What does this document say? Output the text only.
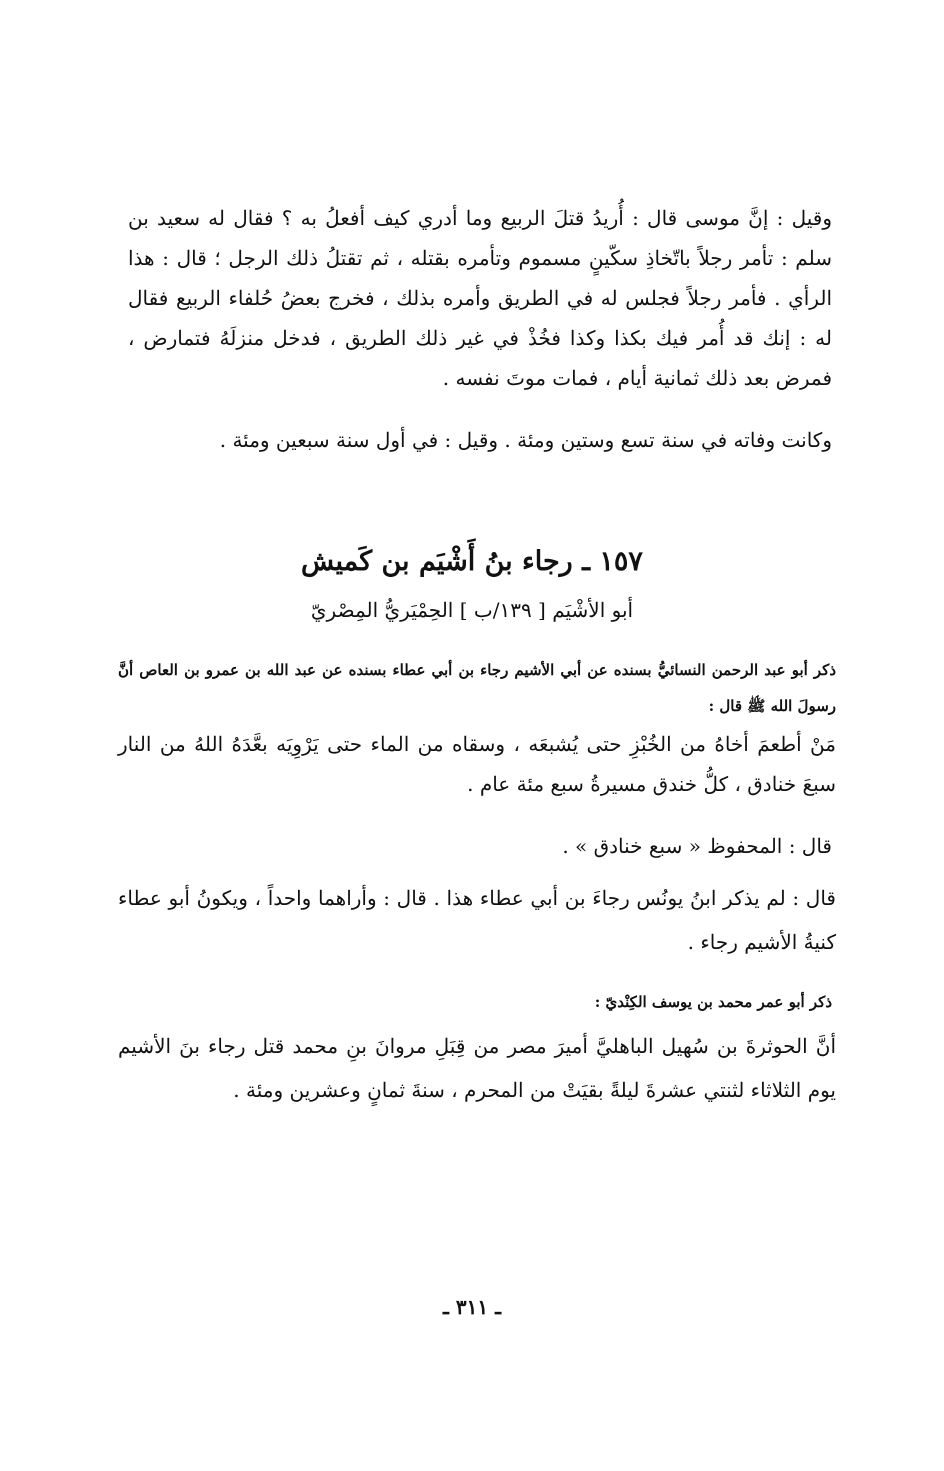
وقيل : إنَّ موسى قال : أُريدُ قتلَ الربيع وما أدري كيف أفعلُ به ؟ فقال له سعيد بن سلم : تأمر رجلاً باتّخاذِ سكّينٍ مسموم وتأمره بقتله ، ثم تقتلُ ذلك الرجل ؛ قال : هذا الرأي . فأمر رجلاً فجلس له في الطريق وأمره بذلك ، فخرج بعضُ حُلفاء الربيع فقال له : إنك قد أُمر فيك بكذا وكذا فخُذْ في غير ذلك الطريق ، فدخل منزلَهُ فتمارض ، فمرض بعد ذلك ثمانية أيام ، فمات موتَ نفسه .
وكانت وفاته في سنة تسع وستين ومئة . وقيل : في أول سنة سبعين ومئة .
١٥٧ ـ رجاء بنُ أَشْيَم بن كَميش
أبو الأشْيَم [ ١٣٩/ب ] الحِمْيَريُّ المِصْريّ
ذكر أبو عبد الرحمن النسائيُّ بسنده عن أبي الأشيم رجاء بن أبي عطاء بسنده عن عبد الله بن عمرو بن العاص أنَّ رسولَ الله ﷺ قال :
مَنْ أطعمَ أخاهُ من الخُبْزِ حتى يُشبعَه ، وسقاه من الماء حتى يَرْوِيَه بعَّدَهُ اللهُ من النار سبعَ خنادق ، كلُّ خندق مسيرةُ سبع مئة عام .
قال : المحفوظ « سبع خنادق » .
قال : لم يذكر ابنُ يونُس رجاءَ بن أبي عطاء هذا . قال : وأراهما واحداً ، ويكونُ أبو عطاء كنيةُ الأشيم رجاء .
ذكر أبو عمر محمد بن يوسف الكِنْديّ :
أنَّ الحوثرةَ بن سُهيل الباهليَّ أميرَ مصر من قِبَلِ مروانَ بنِ محمد قتل رجاء بنَ الأشيم يوم الثلاثاء لثنتي عشرةَ ليلةً بقيَتْ من المحرم ، سنةَ ثمانٍ وعشرين ومئة .
ـ ٣١١ ـ
